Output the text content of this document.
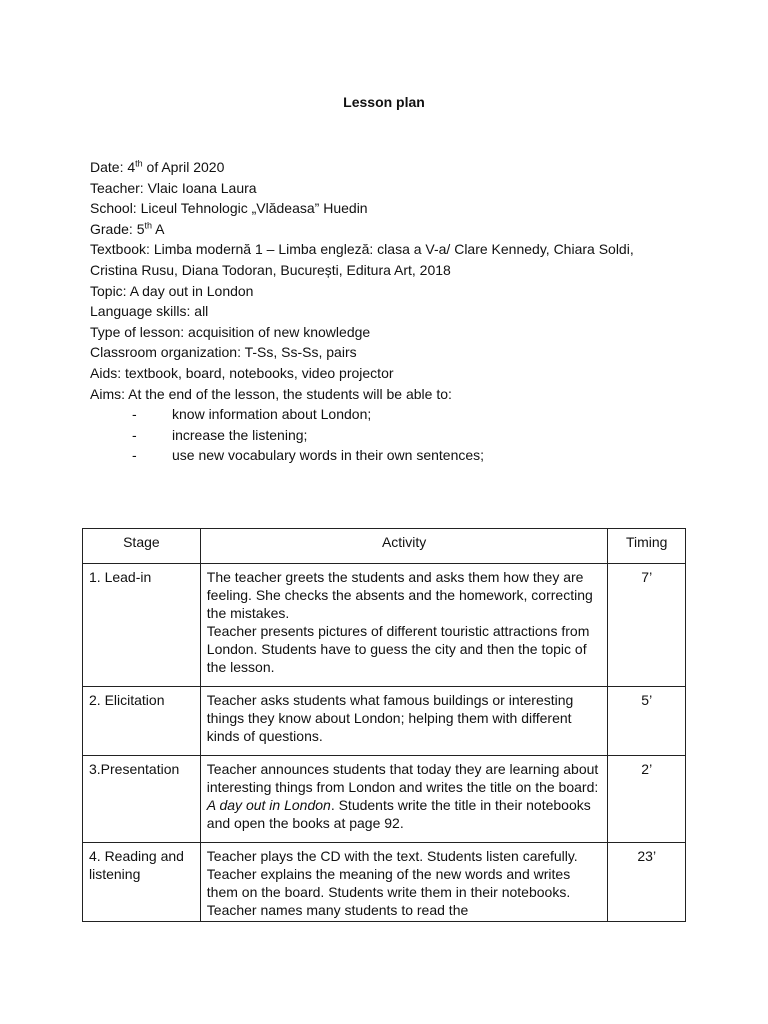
Lesson plan
Date: 4th of April 2020
Teacher: Vlaic Ioana Laura
School: Liceul Tehnologic „Vlădeasa” Huedin
Grade: 5th A
Textbook: Limba modernă 1 – Limba engleză: clasa a V-a/ Clare Kennedy, Chiara Soldi, Cristina Rusu, Diana Todoran, București, Editura Art, 2018
Topic: A day out in London
Language skills: all
Type of lesson: acquisition of new knowledge
Classroom organization: T-Ss, Ss-Ss, pairs
Aids: textbook, board, notebooks, video projector
Aims: At the end of the lesson, the students will be able to:
-	know information about London;
-	increase the listening;
-	use new vocabulary words in their own sentences;
Stage	Activity	Timing
1. Lead-in	The teacher greets the students and asks them how they are feeling. She checks the absents and the homework, correcting the mistakes.
Teacher presents pictures of different touristic attractions from London. Students have to guess the city and then the topic of the lesson.	7’
2. Elicitation	Teacher asks students what famous buildings or interesting things they know about London; helping them with different kinds of questions.	5’
3.Presentation	Teacher announces students that today they are learning about interesting things from London and writes the title on the board: A day out in London. Students write the title in their notebooks and open the books at page 92.	2’
4. Reading and listening	Teacher plays the CD with the text. Students listen carefully. Teacher explains the meaning of the new words and writes them on the board. Students write them in their notebooks. Teacher names many students to read the	23’
